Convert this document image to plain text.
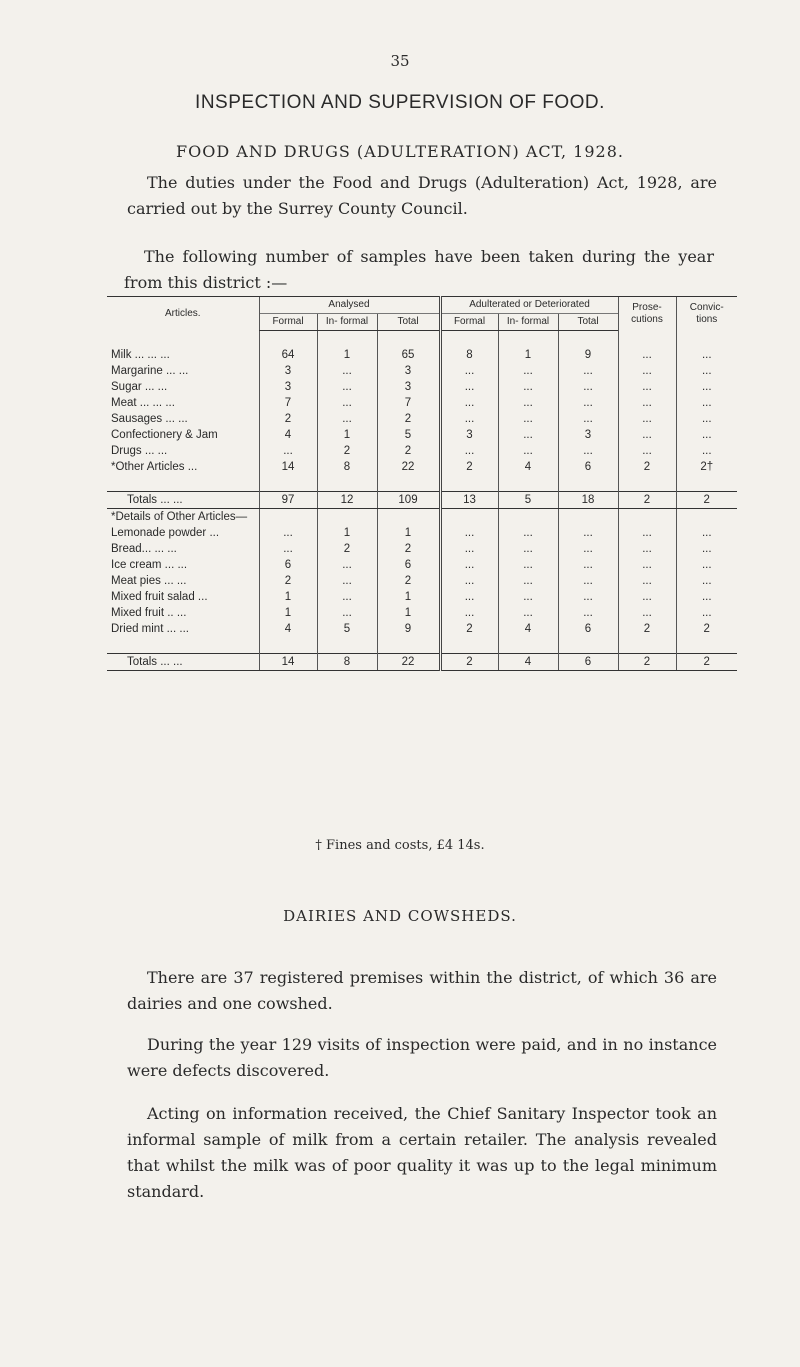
35
INSPECTION AND SUPERVISION OF FOOD.
FOOD AND DRUGS (ADULTERATION) ACT, 1928.
The duties under the Food and Drugs (Adulteration) Act, 1928, are carried out by the Surrey County Council.
The following number of samples have been taken during the year from this district :—
Articles.	Analysed			Adulterated or Deteriorated			Prose- cutions	Convic- tions
	Formal	In- formal	Total	Formal	In- formal	Total		

Milk ... ... ...	64	1	65	8	1	9	...	...
Margarine ... ...	3	...	3	...	...	...	...	...
Sugar ... ...	3	...	3	...	...	...	...	...
Meat ... ... ...	7	...	7	...	...	...	...	...
Sausages ... ...	2	...	2	...	...	...	...	...
Confectionery & Jam	4	1	5	3	...	3	...	...
Drugs ... ...	...	2	2	...	...	...	...	...
*Other Articles ...	14	8	22	2	4	6	2	2†

Totals ... ...	97	12	109	13	5	18	2	2
*Details of Other Articles—								
Lemonade powder ...	...	1	1	...	...	...	...	...
Bread... ... ...	...	2	2	...	...	...	...	...
Ice cream ... ...	6	...	6	...	...	...	...	...
Meat pies ... ...	2	...	2	...	...	...	...	...
Mixed fruit salad ...	1	...	1	...	...	...	...	...
Mixed fruit .. ...	1	...	1	...	...	...	...	...
Dried mint ... ...	4	5	9	2	4	6	2	2

Totals ... ...	14	8	22	2	4	6	2	2
† Fines and costs, £4 14s.
DAIRIES AND COWSHEDS.
There are 37 registered premises within the district, of which 36 are dairies and one cowshed.
During the year 129 visits of inspection were paid, and in no instance were defects discovered.
Acting on information received, the Chief Sanitary Inspector took an informal sample of milk from a certain retailer. The analysis revealed that whilst the milk was of poor quality it was up to the legal minimum standard.
